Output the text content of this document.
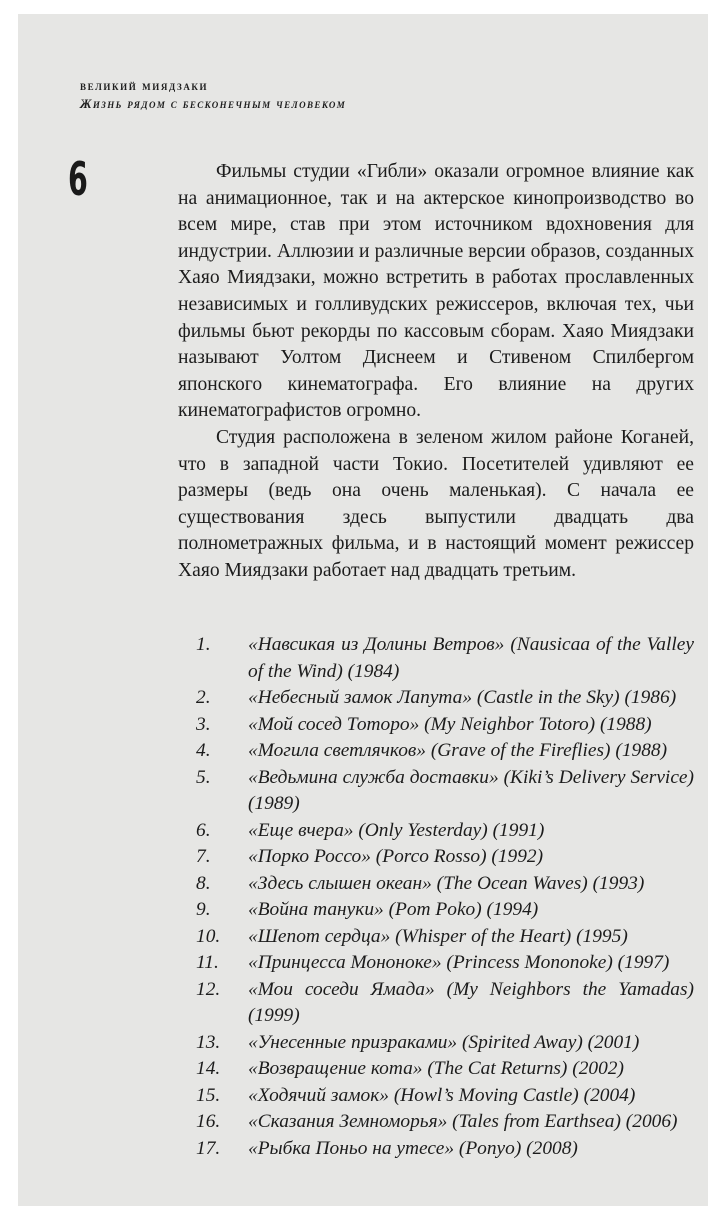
великий миядзаки
Жизнь рядом с бесконечным человеком
6	Фильмы студии «Гибли» оказали огромное влияние как на анимационное, так и на актерское кинопроизводство во всем мире, став при этом источником вдохновения для индустрии. Аллюзии и различные версии образов, созданных Хаяо Миядзаки, можно встретить в работах прославленных независимых и голливудских режиссеров, включая тех, чьи фильмы бьют рекорды по кассовым сборам. Хаяо Миядзаки называют Уолтом Диснеем и Стивеном Спилбергом японского кинематографа. Его влияние на других кинематографистов огромно.

Студия расположена в зеленом жилом районе Коганей, что в западной части Токио. Посетителей удивляют ее размеры (ведь она очень маленькая). С начала ее существования здесь выпустили двадцать два полнометражных фильма, и в настоящий момент режиссер Хаяо Миядзаки работает над двадцать третьим.

1.	«Навсикая из Долины Ветров» (Nausicaa of the Valley of the Wind) (1984)
2.	«Небесный замок Лапута» (Castle in the Sky) (1986)
3.	«Мой сосед Тоторо» (My Neighbor Totoro) (1988)
4.	«Могила светлячков» (Grave of the Fireflies) (1988)
5.	«Ведьмина служба доставки» (Kiki’s Delivery Service) (1989)
6.	«Еще вчера» (Only Yesterday) (1991)
7.	«Порко Россо» (Porco Rosso) (1992)
8.	«Здесь слышен океан» (The Ocean Waves) (1993)
9.	«Война тануки» (Pom Poko) (1994)
10.	«Шепот сердца» (Whisper of the Heart) (1995)
11.	«Принцесса Мононоке» (Princess Mononoke) (1997)
12.	«Мои соседи Ямада» (My Neighbors the Yamadas) (1999)
13.	«Унесенные призраками» (Spirited Away) (2001)
14.	«Возвращение кота» (The Cat Returns) (2002)
15.	«Ходячий замок» (Howl’s Moving Castle) (2004)
16.	«Сказания Земноморья» (Tales from Earthsea) (2006)
17.	«Рыбка Поньо на утесе» (Ponyo) (2008)
